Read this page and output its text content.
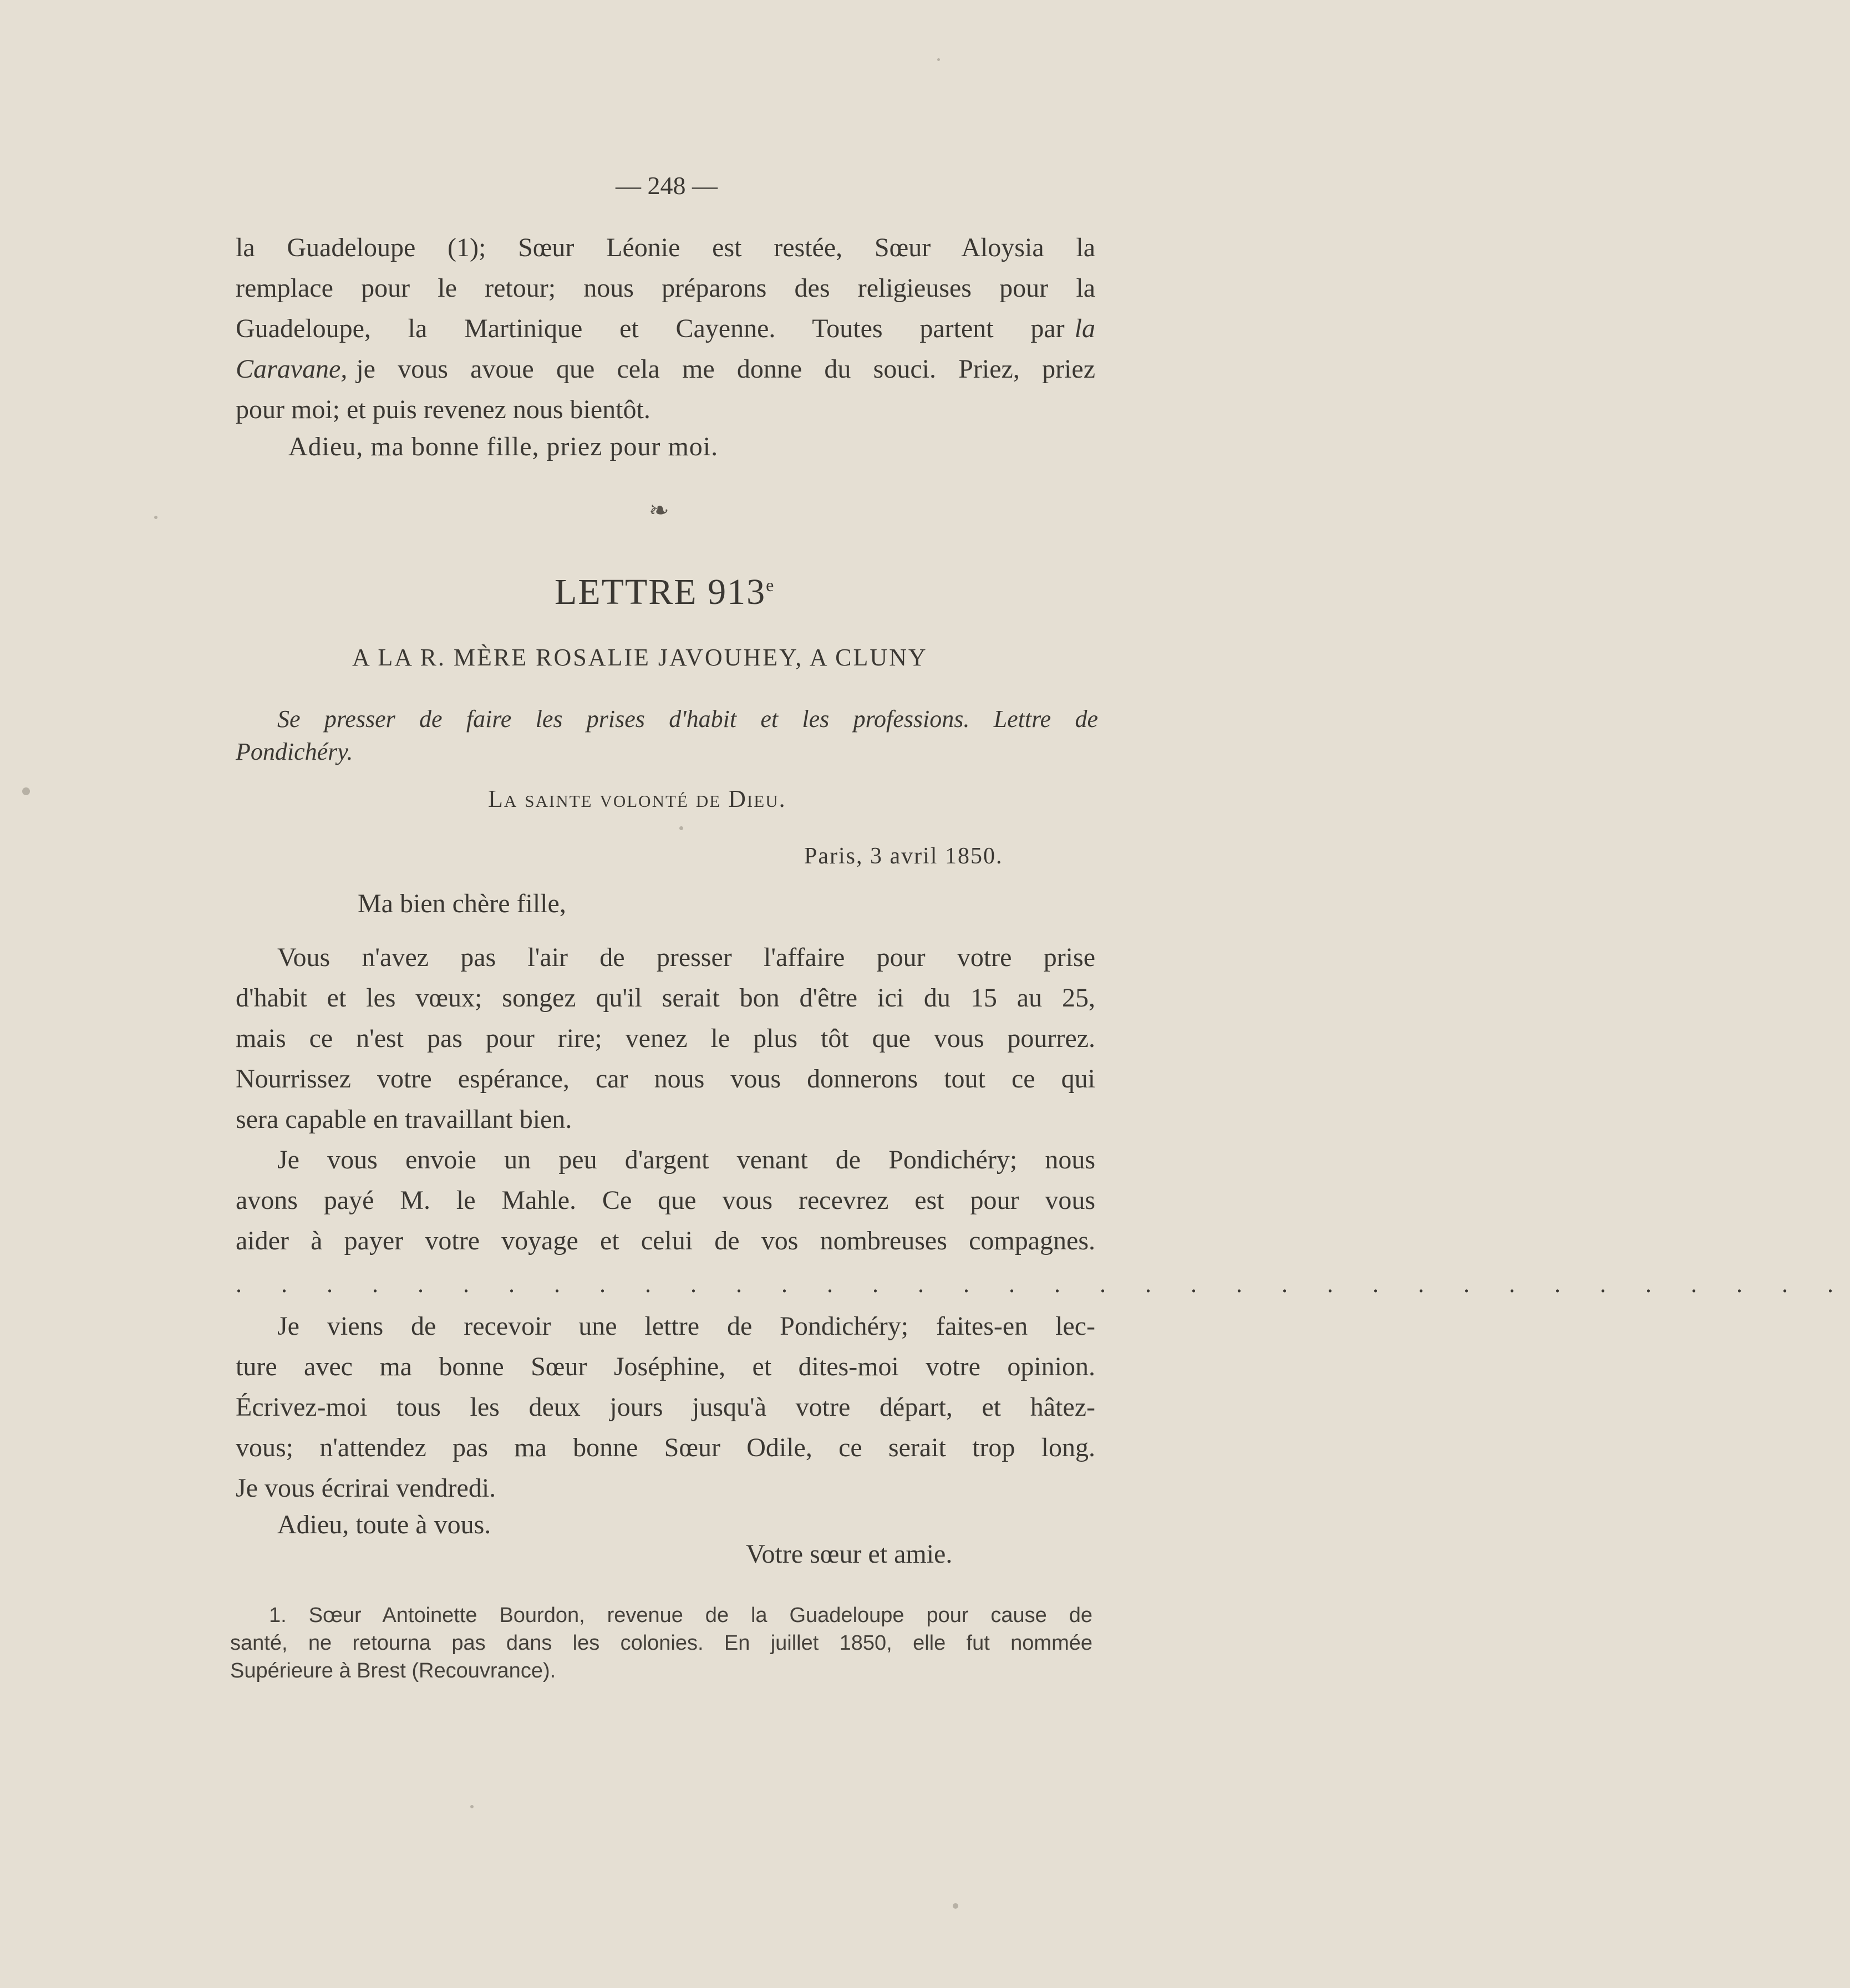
— 248 —
la Guadeloupe (1); Sœur Léonie est restée, Sœur Aloysia la
remplace pour le retour; nous préparons des religieuses pour la
Guadeloupe, la Martinique et Cayenne. Toutes partent par la
Caravane, je vous avoue que cela me donne du souci. Priez, priez
pour moi; et puis revenez nous bientôt.
Adieu, ma bonne fille, priez pour moi.
❧
LETTRE 913e
A LA R. MÈRE ROSALIE JAVOUHEY, A CLUNY
Se presser de faire les prises d'habit et les professions. Lettre de
Pondichéry.
La sainte volonté de Dieu.
Paris, 3 avril 1850.
Ma bien chère fille,
Vous n'avez pas l'air de presser l'affaire pour votre prise
d'habit et les vœux; songez qu'il serait bon d'être ici du 15 au 25,
mais ce n'est pas pour rire; venez le plus tôt que vous pourrez.
Nourrissez votre espérance, car nous vous donnerons tout ce qui
sera capable en travaillant bien.
Je vous envoie un peu d'argent venant de Pondichéry; nous
avons payé M. le Mahle. Ce que vous recevrez est pour vous
aider à payer votre voyage et celui de vos nombreuses compagnes.
. . . . . . . . . . . . . . . . . . . . . . . . . . . . . . . . . . . .
Je viens de recevoir une lettre de Pondichéry; faites-en lec-
ture avec ma bonne Sœur Joséphine, et dites-moi votre opinion.
Écrivez-moi tous les deux jours jusqu'à votre départ, et hâtez-
vous; n'attendez pas ma bonne Sœur Odile, ce serait trop long.
Je vous écrirai vendredi.
Adieu, toute à vous.
Votre sœur et amie.
1. Sœur Antoinette Bourdon, revenue de la Guadeloupe pour cause de
santé, ne retourna pas dans les colonies. En juillet 1850, elle fut nommée
Supérieure à Brest (Recouvrance).
